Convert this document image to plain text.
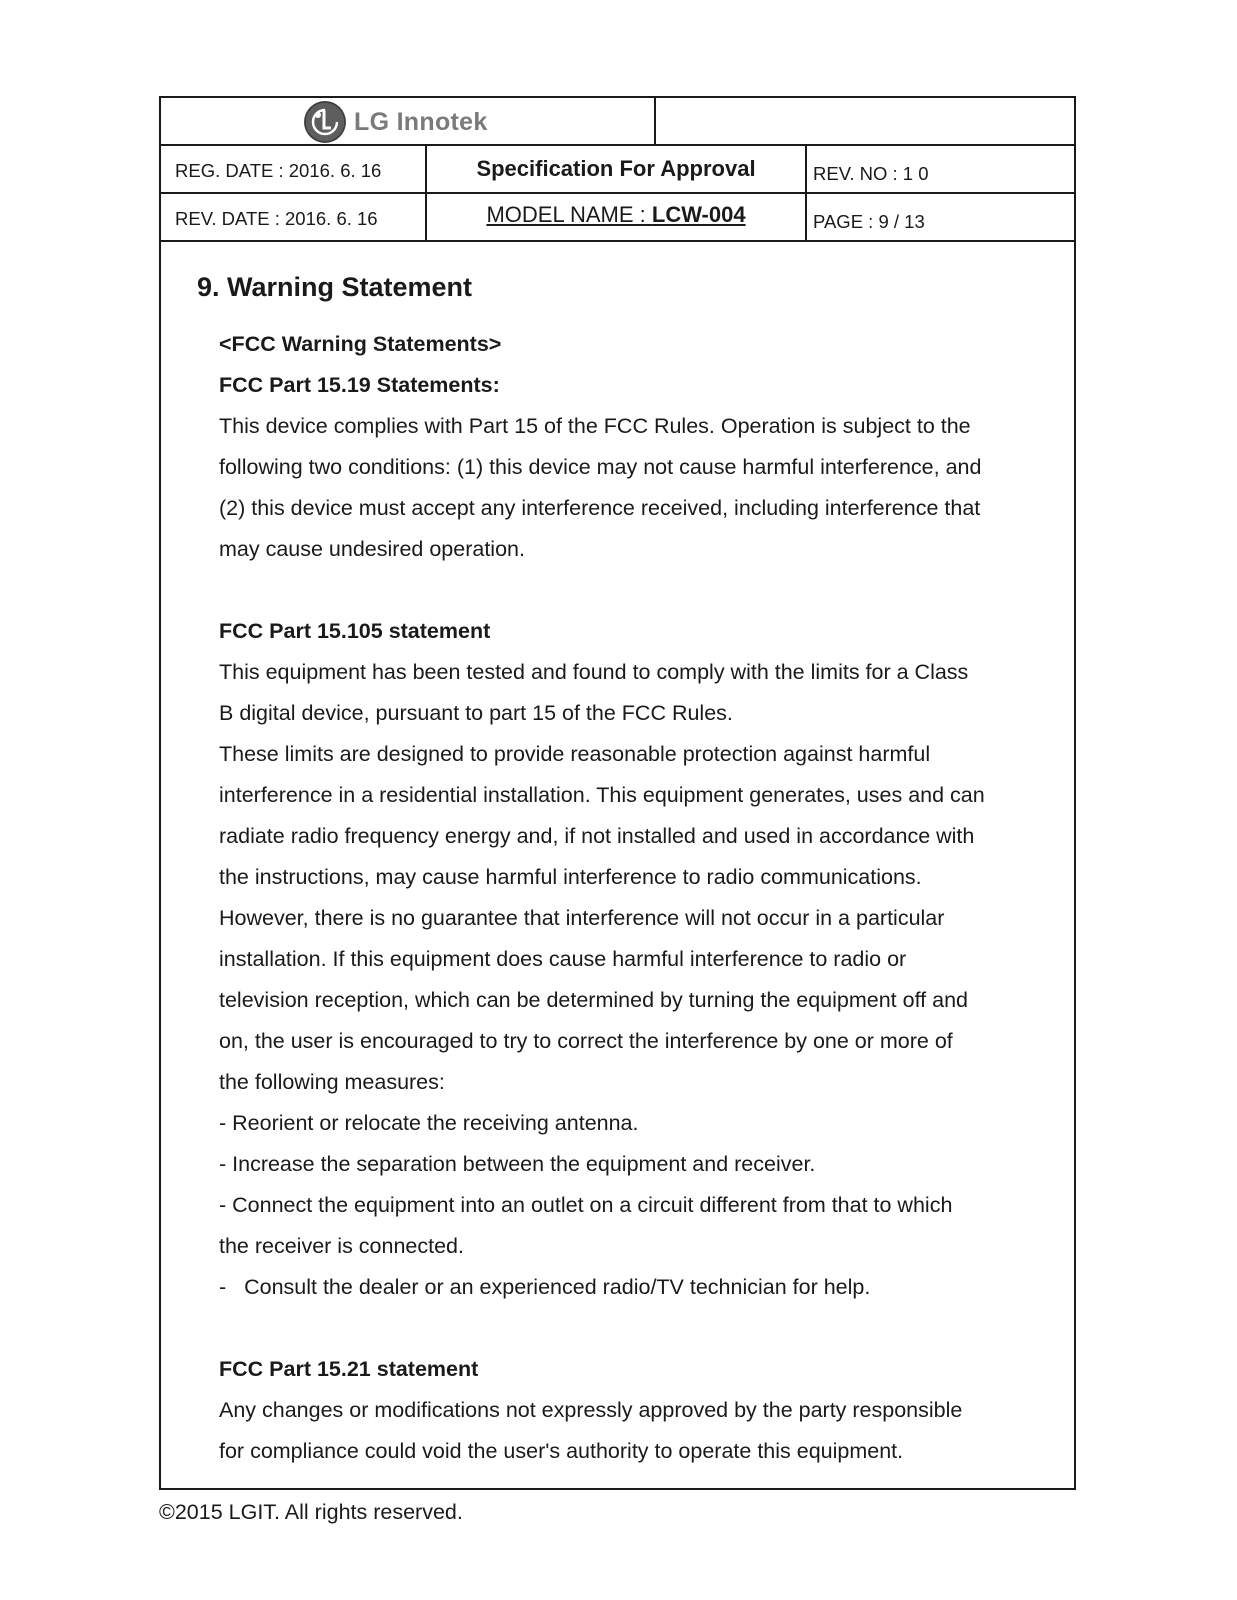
LG Innotek
REG. DATE : 2016. 6. 16
REV. DATE : 2016. 6. 16
Specification For Approval
MODEL NAME : LCW-004
REV. NO : 1 0
PAGE : 9 / 13
9. Warning Statement
<FCC Warning Statements>
FCC Part 15.19 Statements:
This device complies with Part 15 of the FCC Rules. Operation is subject to the
following two conditions: (1) this device may not cause harmful interference, and
(2) this device must accept any interference received, including interference that
may cause undesired operation.
FCC Part 15.105 statement
This equipment has been tested and found to comply with the limits for a Class
B digital device, pursuant to part 15 of the FCC Rules.
These limits are designed to provide reasonable protection against harmful
interference in a residential installation. This equipment generates, uses and can
radiate radio frequency energy and, if not installed and used in accordance with
the instructions, may cause harmful interference to radio communications.
However, there is no guarantee that interference will not occur in a particular
installation. If this equipment does cause harmful interference to radio or
television reception, which can be determined by turning the equipment off and
on, the user is encouraged to try to correct the interference by one or more of
the following measures:
- Reorient or relocate the receiving antenna.
- Increase the separation between the equipment and receiver.
- Connect the equipment into an outlet on a circuit different from that to which
the receiver is connected.
-   Consult the dealer or an experienced radio/TV technician for help.
FCC Part 15.21 statement
Any changes or modifications not expressly approved by the party responsible
for compliance could void the user's authority to operate this equipment.
©2015 LGIT. All rights reserved.
